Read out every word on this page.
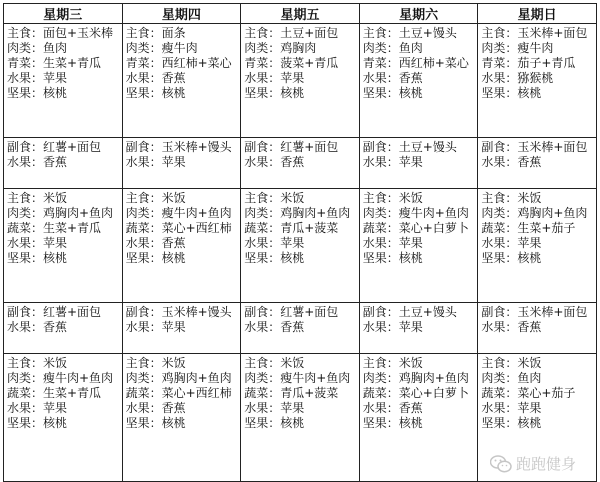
星期三	星期四	星期五	星期六	星期日

主食：面包+玉米棒
肉类：鱼肉
青菜：生菜+青瓜
水果：苹果
坚果：核桃	主食：面条
肉类：瘦牛肉
青菜：西红柿+菜心
水果：香蕉
坚果：核桃	主食：土豆+面包
肉类：鸡胸肉
青菜：菠菜+青瓜
水果：苹果
坚果：核桃	主食：土豆+馒头
肉类：鱼肉
青菜：西红柿+菜心
水果：香蕉
坚果：核桃	主食：玉米棒+面包
肉类：瘦牛肉
青菜：茄子+青瓜
水果：猕猴桃
坚果：核桃

副食：红薯+面包
水果：香蕉	副食：玉米棒+馒头
水果：苹果	副食：红薯+面包
水果：香蕉	副食：土豆+馒头
水果：苹果	副食：玉米棒+面包
水果：香蕉

主食：米饭
肉类：鸡胸肉+鱼肉
蔬菜：生菜+青瓜
水果：苹果
坚果：核桃	主食：米饭
肉类：瘦牛肉+鱼肉
蔬菜：菜心+西红柿
水果：香蕉
坚果：核桃	主食：米饭
肉类：鸡胸肉+鱼肉
蔬菜：青瓜+菠菜
水果：苹果
坚果：核桃	主食：米饭
肉类：瘦牛肉+鱼肉
蔬菜：菜心+白萝卜
水果：苹果
坚果：核桃	主食：米饭
肉类：鸡胸肉+鱼肉
蔬菜：生菜+茄子
水果：苹果
坚果：核桃

副食：红薯+面包
水果：香蕉	副食：玉米棒+馒头
水果：苹果	副食：红薯+面包
水果：香蕉	副食：土豆+馒头
水果：苹果	副食：玉米棒+面包
水果：香蕉

主食：米饭
肉类：瘦牛肉+鱼肉
蔬菜：生菜+青瓜
水果：苹果
坚果：核桃	主食：米饭
肉类：鸡胸肉+鱼肉
蔬菜：菜心+西红柿
水果：香蕉
坚果：核桃	主食：米饭
肉类：瘦牛肉+鱼肉
蔬菜：青瓜+菠菜
水果：苹果
坚果：核桃	主食：米饭
肉类：鸡胸肉+鱼肉
蔬菜：菜心+白萝卜
水果：香蕉
坚果：核桃	主食：米饭
肉类：鱼肉
蔬菜：菜心+茄子
水果：苹果
坚果：核桃
跑跑健身
